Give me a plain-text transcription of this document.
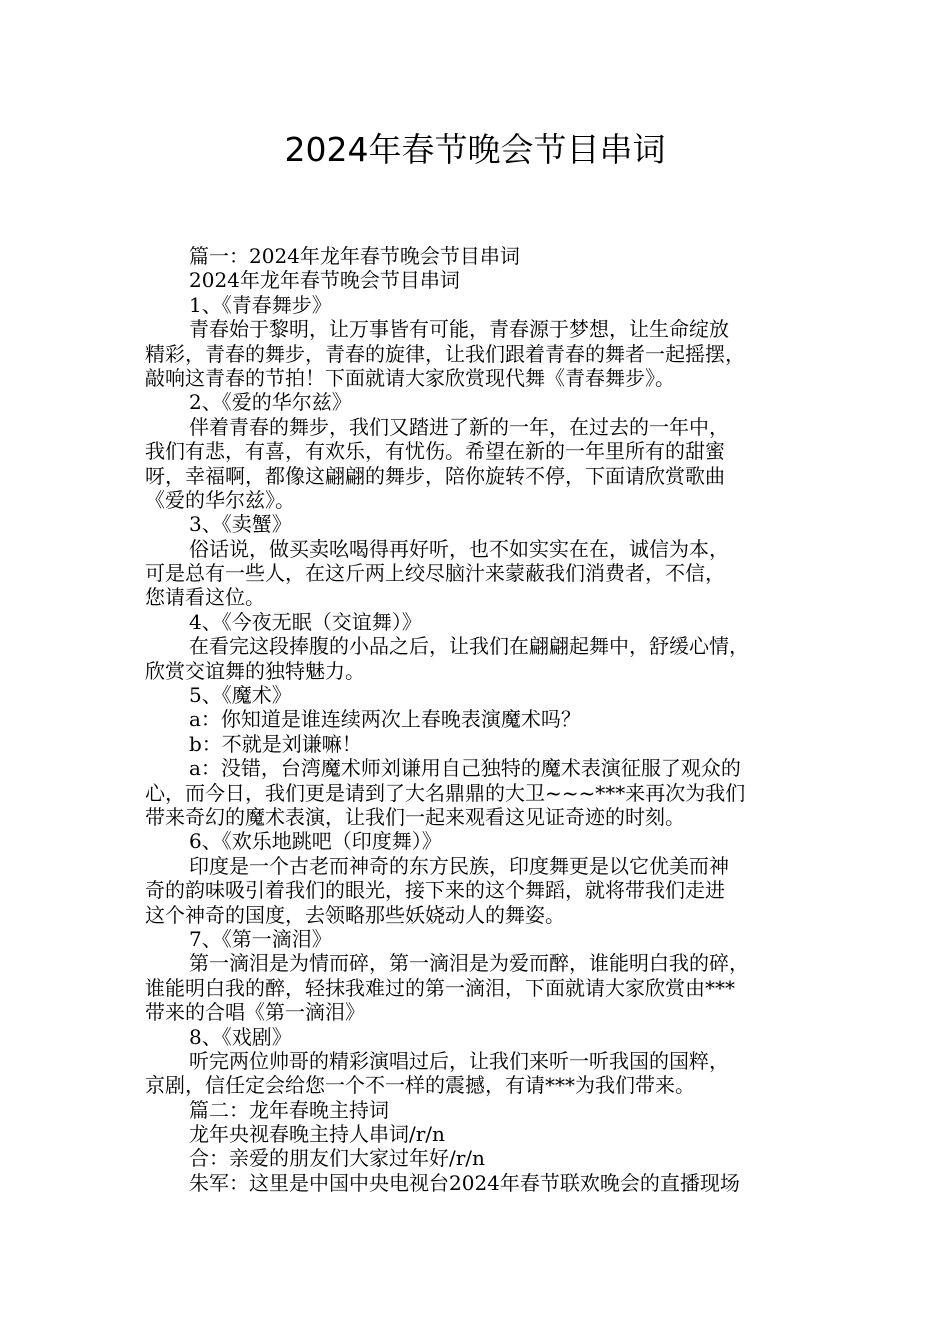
2024年春节晚会节目串词
篇一：2024年龙年春节晚会节目串词
2024年龙年春节晚会节目串词
1、《青春舞步》
青春始于黎明，让万事皆有可能，青春源于梦想，让生命绽放
精彩，青春的舞步，青春的旋律，让我们跟着青春的舞者一起摇摆，
敲响这青春的节拍！下面就请大家欣赏现代舞《青春舞步》。
2、《爱的华尔兹》
伴着青春的舞步，我们又踏进了新的一年，在过去的一年中，
我们有悲，有喜，有欢乐，有忧伤。希望在新的一年里所有的甜蜜
呀，幸福啊，都像这翩翩的舞步，陪你旋转不停，下面请欣赏歌曲
《爱的华尔兹》。
3、《卖蟹》
俗话说，做买卖吆喝得再好听，也不如实实在在，诚信为本，
可是总有一些人，在这斤两上绞尽脑汁来蒙蔽我们消费者，不信，
您请看这位。
4、《今夜无眠（交谊舞）》
在看完这段捧腹的小品之后，让我们在翩翩起舞中，舒缓心情，
欣赏交谊舞的独特魅力。
5、《魔术》
a：你知道是谁连续两次上春晚表演魔术吗？
b：不就是刘谦嘛！
a：没错，台湾魔术师刘谦用自己独特的魔术表演征服了观众的
心，而今日，我们更是请到了大名鼎鼎的大卫~~~***来再次为我们
带来奇幻的魔术表演，让我们一起来观看这见证奇迹的时刻。
6、《欢乐地跳吧（印度舞）》
印度是一个古老而神奇的东方民族，印度舞更是以它优美而神
奇的韵味吸引着我们的眼光，接下来的这个舞蹈，就将带我们走进
这个神奇的国度，去领略那些妖娆动人的舞姿。
7、《第一滴泪》
第一滴泪是为情而碎，第一滴泪是为爱而醉，谁能明白我的碎，
谁能明白我的醉，轻抹我难过的第一滴泪，下面就请大家欣赏由***
带来的合唱《第一滴泪》
8、《戏剧》
听完两位帅哥的精彩演唱过后，让我们来听一听我国的国粹，
京剧，信任定会给您一个不一样的震撼，有请***为我们带来。
篇二：龙年春晚主持词
龙年央视春晚主持人串词/r/n
合：亲爱的朋友们大家过年好/r/n
朱军：这里是中国中央电视台2024年春节联欢晚会的直播现场
